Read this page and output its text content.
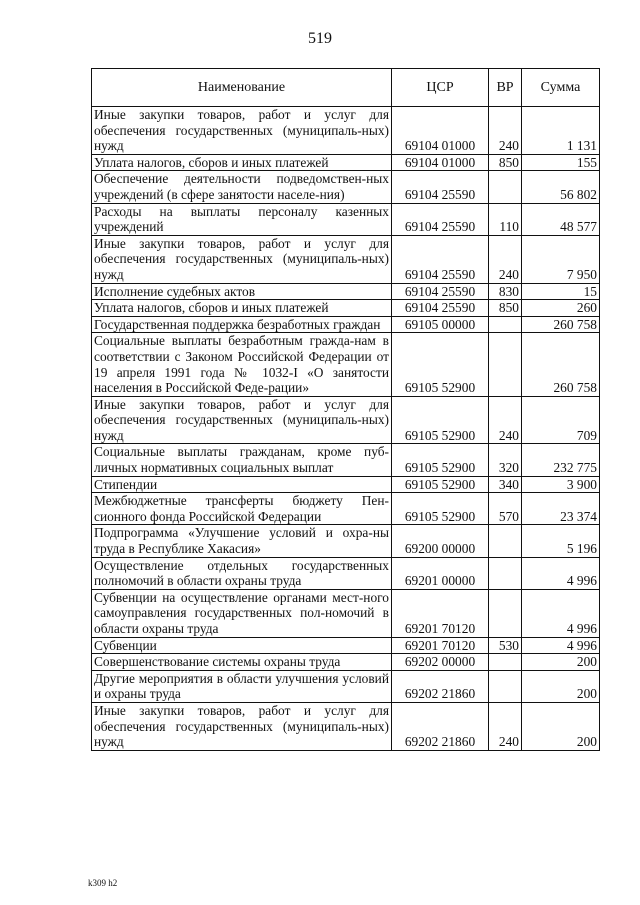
519
Наименование	ЦСР	ВР	Сумма
Иные закупки товаров, работ и услуг для обеспечения государственных (муниципаль-ных) нужд	69104 01000	240	1 131
Уплата налогов, сборов и иных платежей	69104 01000	850	155
Обеспечение деятельности подведомствен-ных учреждений (в сфере занятости населе-ния)	69104 25590		56 802
Расходы на выплаты персоналу казенных учреждений	69104 25590	110	48 577
Иные закупки товаров, работ и услуг для обеспечения государственных (муниципаль-ных) нужд	69104 25590	240	7 950
Исполнение судебных актов	69104 25590	830	15
Уплата налогов, сборов и иных платежей	69104 25590	850	260
Государственная поддержка безработных граждан	69105 00000		260 758
Социальные выплаты безработным гражда-нам в соответствии с Законом Российской Федерации от 19 апреля 1991 года № 1032-I «О занятости населения в Российской Феде-рации»	69105 52900		260 758
Иные закупки товаров, работ и услуг для обеспечения государственных (муниципаль-ных) нужд	69105 52900	240	709
Социальные выплаты гражданам, кроме пуб-личных нормативных социальных выплат	69105 52900	320	232 775
Стипендии	69105 52900	340	3 900
Межбюджетные трансферты бюджету Пен-сионного фонда Российской Федерации	69105 52900	570	23 374
Подпрограмма «Улучшение условий и охра-ны труда в Республике Хакасия»	69200 00000		5 196
Осуществление отдельных государственных полномочий в области охраны труда	69201 00000		4 996
Субвенции на осуществление органами мест-ного самоуправления государственных пол-номочий в области охраны труда	69201 70120		4 996
Субвенции	69201 70120	530	4 996
Совершенствование системы охраны труда	69202 00000		200
Другие мероприятия в области улучшения условий и охраны труда	69202 21860		200
Иные закупки товаров, работ и услуг для обеспечения государственных (муниципаль-ных) нужд	69202 21860	240	200
k309 h2
